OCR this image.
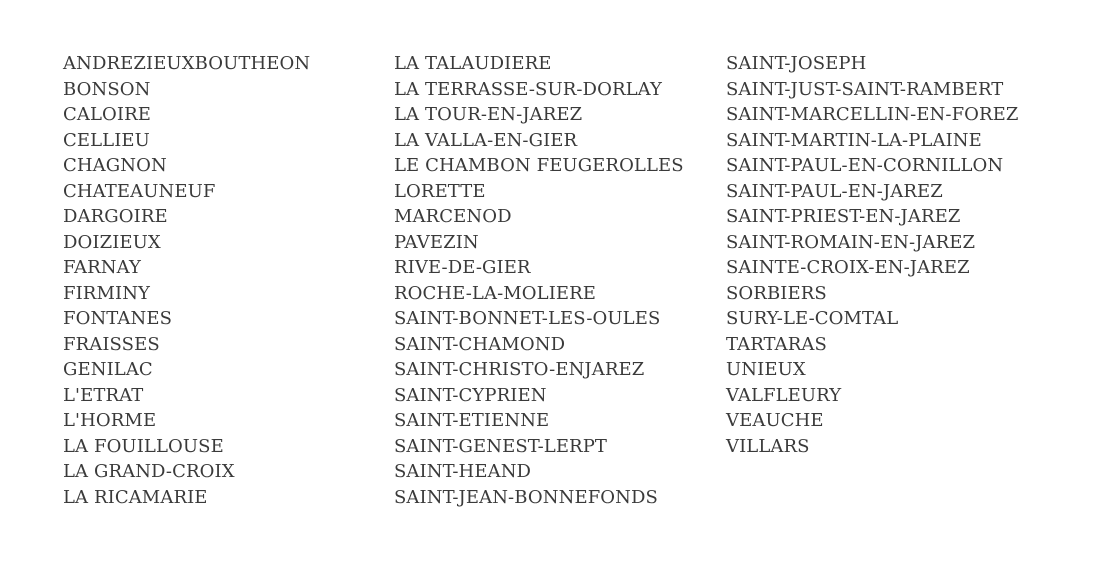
ANDREZIEUXBOUTHEON
BONSON
CALOIRE
CELLIEU
CHAGNON
CHATEAUNEUF
DARGOIRE
DOIZIEUX
FARNAY
FIRMINY
FONTANES
FRAISSES
GENILAC
L'ETRAT
L'HORME
LA FOUILLOUSE
LA GRAND-CROIX
LA RICAMARIE
LA TALAUDIERE
LA TERRASSE-SUR-DORLAY
LA TOUR-EN-JAREZ
LA VALLA-EN-GIER
LE CHAMBON FEUGEROLLES
LORETTE
MARCENOD
PAVEZIN
RIVE-DE-GIER
ROCHE-LA-MOLIERE
SAINT-BONNET-LES-OULES
SAINT-CHAMOND
SAINT-CHRISTO-ENJAREZ
SAINT-CYPRIEN
SAINT-ETIENNE
SAINT-GENEST-LERPT
SAINT-HEAND
SAINT-JEAN-BONNEFONDS
SAINT-JOSEPH
SAINT-JUST-SAINT-RAMBERT
SAINT-MARCELLIN-EN-FOREZ
SAINT-MARTIN-LA-PLAINE
SAINT-PAUL-EN-CORNILLON
SAINT-PAUL-EN-JAREZ
SAINT-PRIEST-EN-JAREZ
SAINT-ROMAIN-EN-JAREZ
SAINTE-CROIX-EN-JAREZ
SORBIERS
SURY-LE-COMTAL
TARTARAS
UNIEUX
VALFLEURY
VEAUCHE
VILLARS
